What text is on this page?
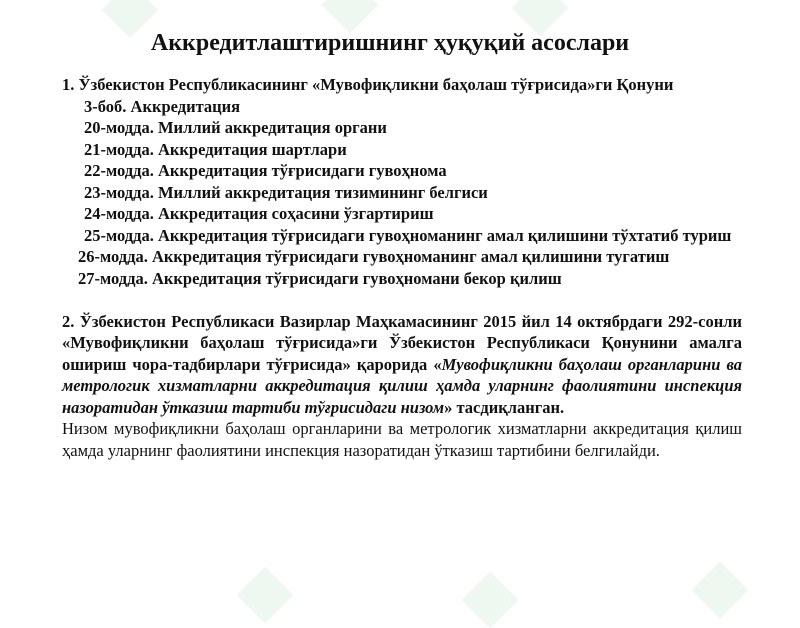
Аккредитлаштиришнинг ҳуқуқий асослари
1. Ўзбекистон Республикасининг «Мувофиқликни баҳолаш тўғрисида»ги Қонуни
3-боб. Аккредитация
20-модда. Миллий аккредитация органи
21-модда. Аккредитация шартлари
22-модда. Аккредитация тўғрисидаги гувоҳнома
23-модда. Миллий аккредитация тизимининг белгиси
24-модда. Аккредитация соҳасини ўзгартириш
25-модда. Аккредитация тўғрисидаги гувоҳноманинг амал қилишини тўхтатиб туриш
26-модда. Аккредитация тўғрисидаги гувоҳноманинг амал қилишини тугатиш
27-модда. Аккредитация тўғрисидаги гувоҳномани бекор қилиш
2. Ўзбекистон Республикаси Вазирлар Маҳкамасининг 2015 йил 14 октябрдаги 292-сонли «Мувофиқликни баҳолаш тўғрисида»ги Ўзбекистон Республикаси Қонунини амалга ошириш чора-тадбирлари тўғрисида» қарорида «Мувофиқликни баҳолаш органларини ва метрологик хизматларни аккредитация қилиш ҳамда уларнинг фаолиятини инспекция назоратидан ўтказиш тартиби тўғрисидаги низом» тасдиқланган.
Низом мувофиқликни баҳолаш органларини ва метрологик хизматларни аккредитация қилиш ҳамда уларнинг фаолиятини инспекция назоратидан ўтказиш тартибини белгилайди.
